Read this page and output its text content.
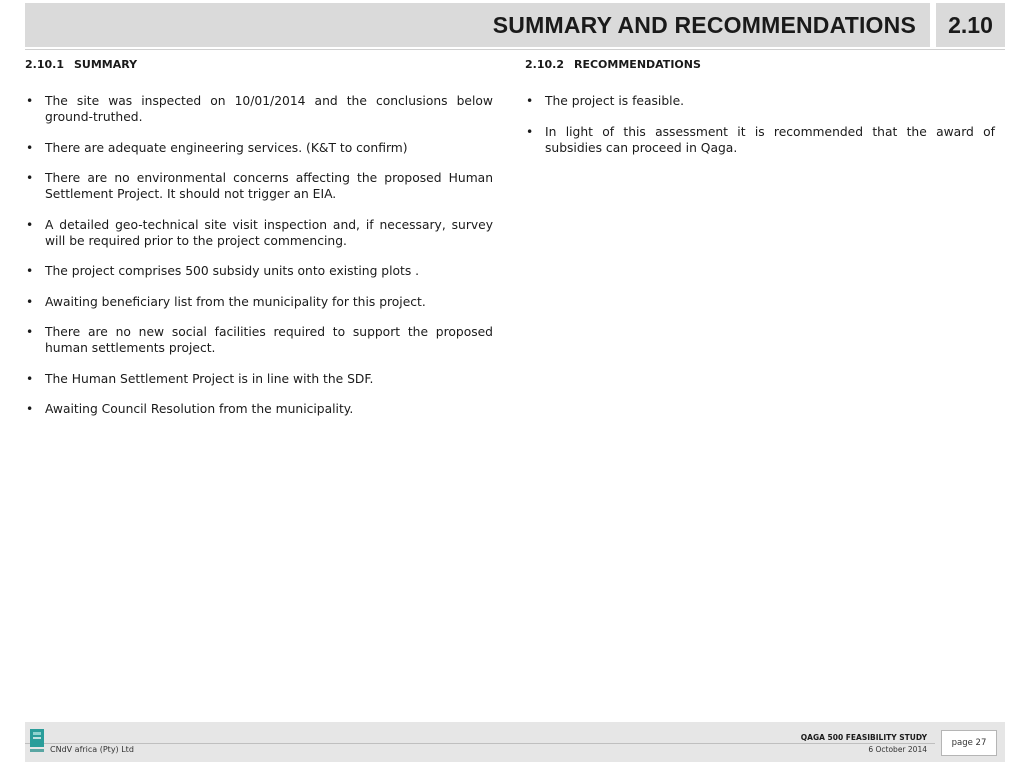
SUMMARY AND RECOMMENDATIONS 2.10
2.10.1 SUMMARY
• The site was inspected on 10/01/2014 and the conclusions below ground-truthed.
• There are adequate engineering services. (K&T to confirm)
• There are no environmental concerns affecting the proposed Human Settlement Project. It should not trigger an EIA.
• A detailed geo-technical site visit inspection and, if necessary, survey will be required prior to the project commencing.
• The project comprises 500 subsidy units onto existing plots .
• Awaiting beneficiary list from the municipality for this project.
• There are no new social facilities required to support the proposed human settlements project.
• The Human Settlement Project is in line with the SDF.
• Awaiting Council Resolution from the municipality.
2.10.2 RECOMMENDATIONS
• The project is feasible.
• In light of this assessment it is recommended that the award of subsidies can proceed in Qaga.
CNdV africa (Pty) Ltd
QAGA 500 FEASIBILITY STUDY
6 October 2014
page 27
